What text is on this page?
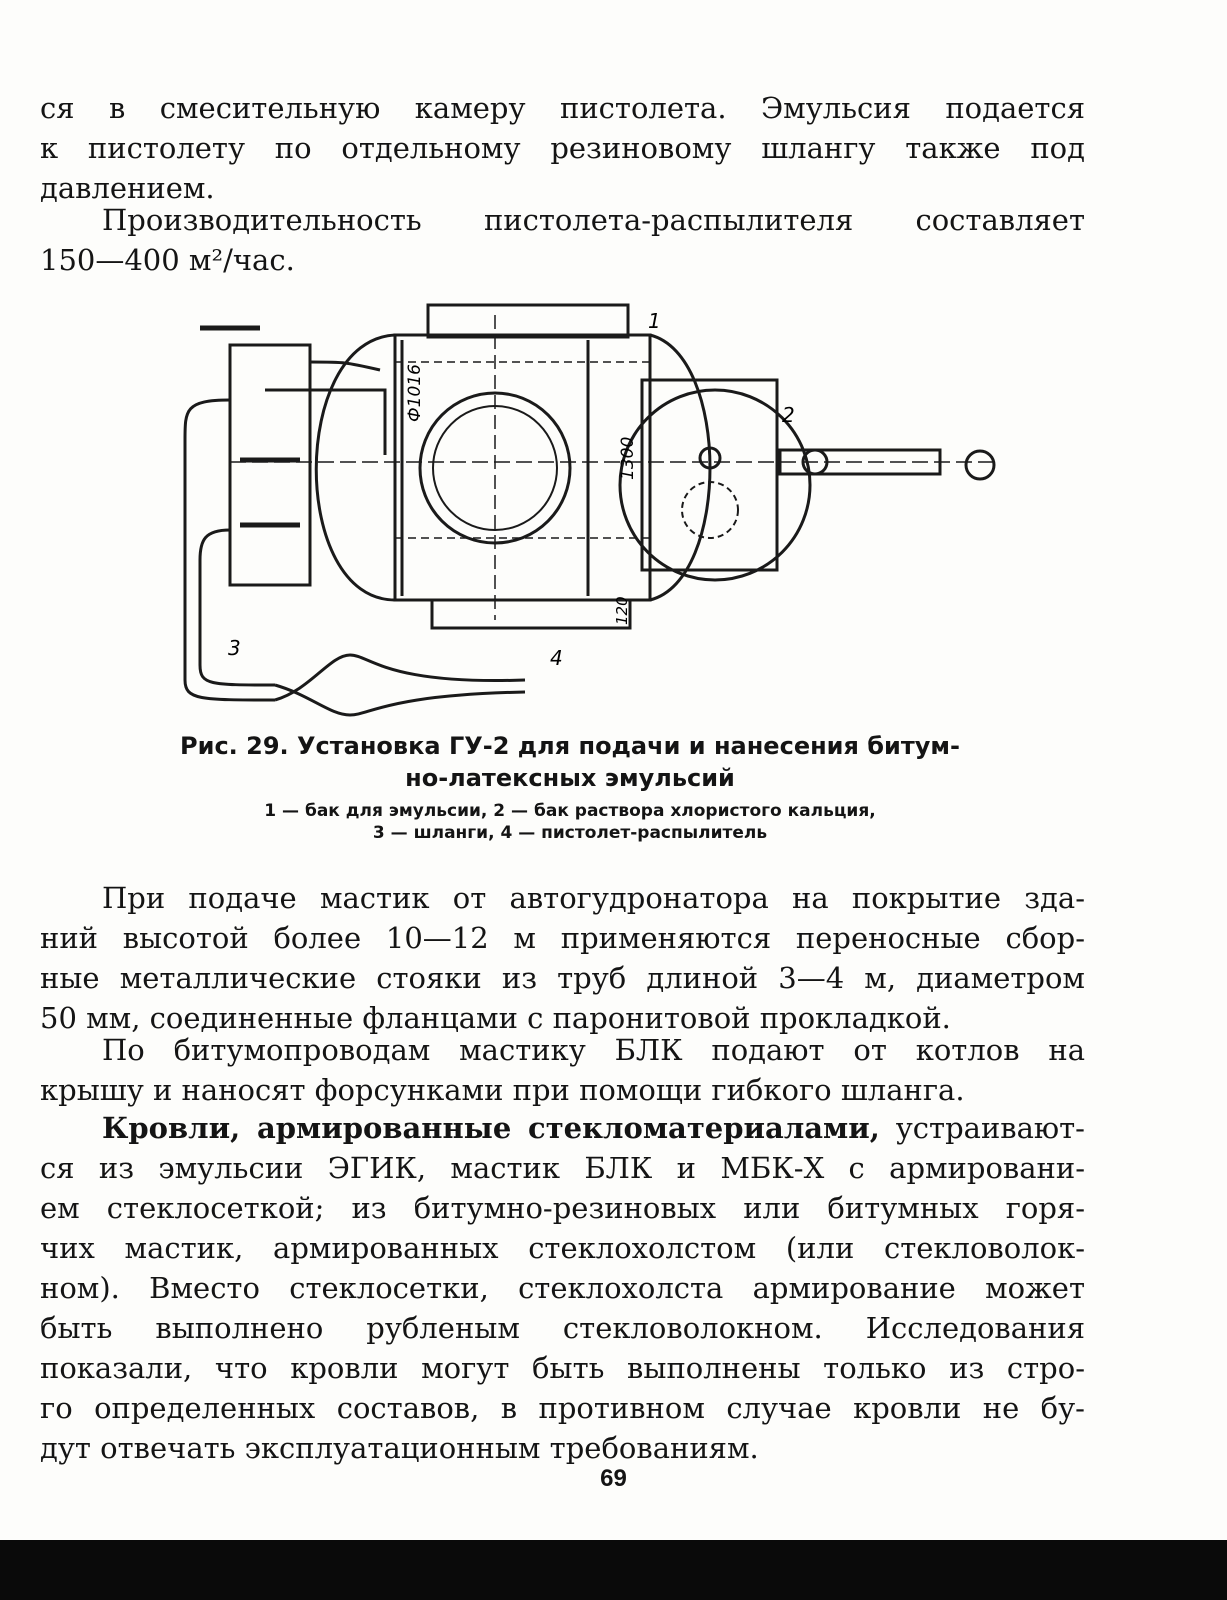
ся в смесительную камеру пистолета. Эмульсия подается
к пистолету по отдельному резиновому шлангу также под
давлением.

Производительность пистолета-распылителя составляет
150—400 м²/час.

Ф1016
1300
120
1
2
3	4
Рис. 29. Установка ГУ-2 для подачи и нанесения битум-
но-латексных эмульсий
1 — бак для эмульсии, 2 — бак раствора хлористого кальция,
3 — шланги, 4 — пистолет-распылитель

При подаче мастик от автогудронатора на покрытие зда-
ний высотой более 10—12 м применяются переносные сбор-
ные металлические стояки из труб длиной 3—4 м, диаметром
50 мм, соединенные фланцами с паронитовой прокладкой.

По битумопроводам мастику БЛК подают от котлов на
крышу и наносят форсунками при помощи гибкого шланга.

Кровли, армированные стекломатериалами, устраивают-
ся из эмульсии ЭГИК, мастик БЛК и МБК-Х с армировани-
ем стеклосеткой; из битумно-резиновых или битумных горя-
чих мастик, армированных стеклохолстом (или стекловолок-
ном). Вместо стеклосетки, стеклохолста армирование может
быть выполнено рубленым стекловолокном. Исследования
показали, что кровли могут быть выполнены только из стро-
го определенных составов, в противном случае кровли не бу-
дут отвечать эксплуатационным требованиям.

69
